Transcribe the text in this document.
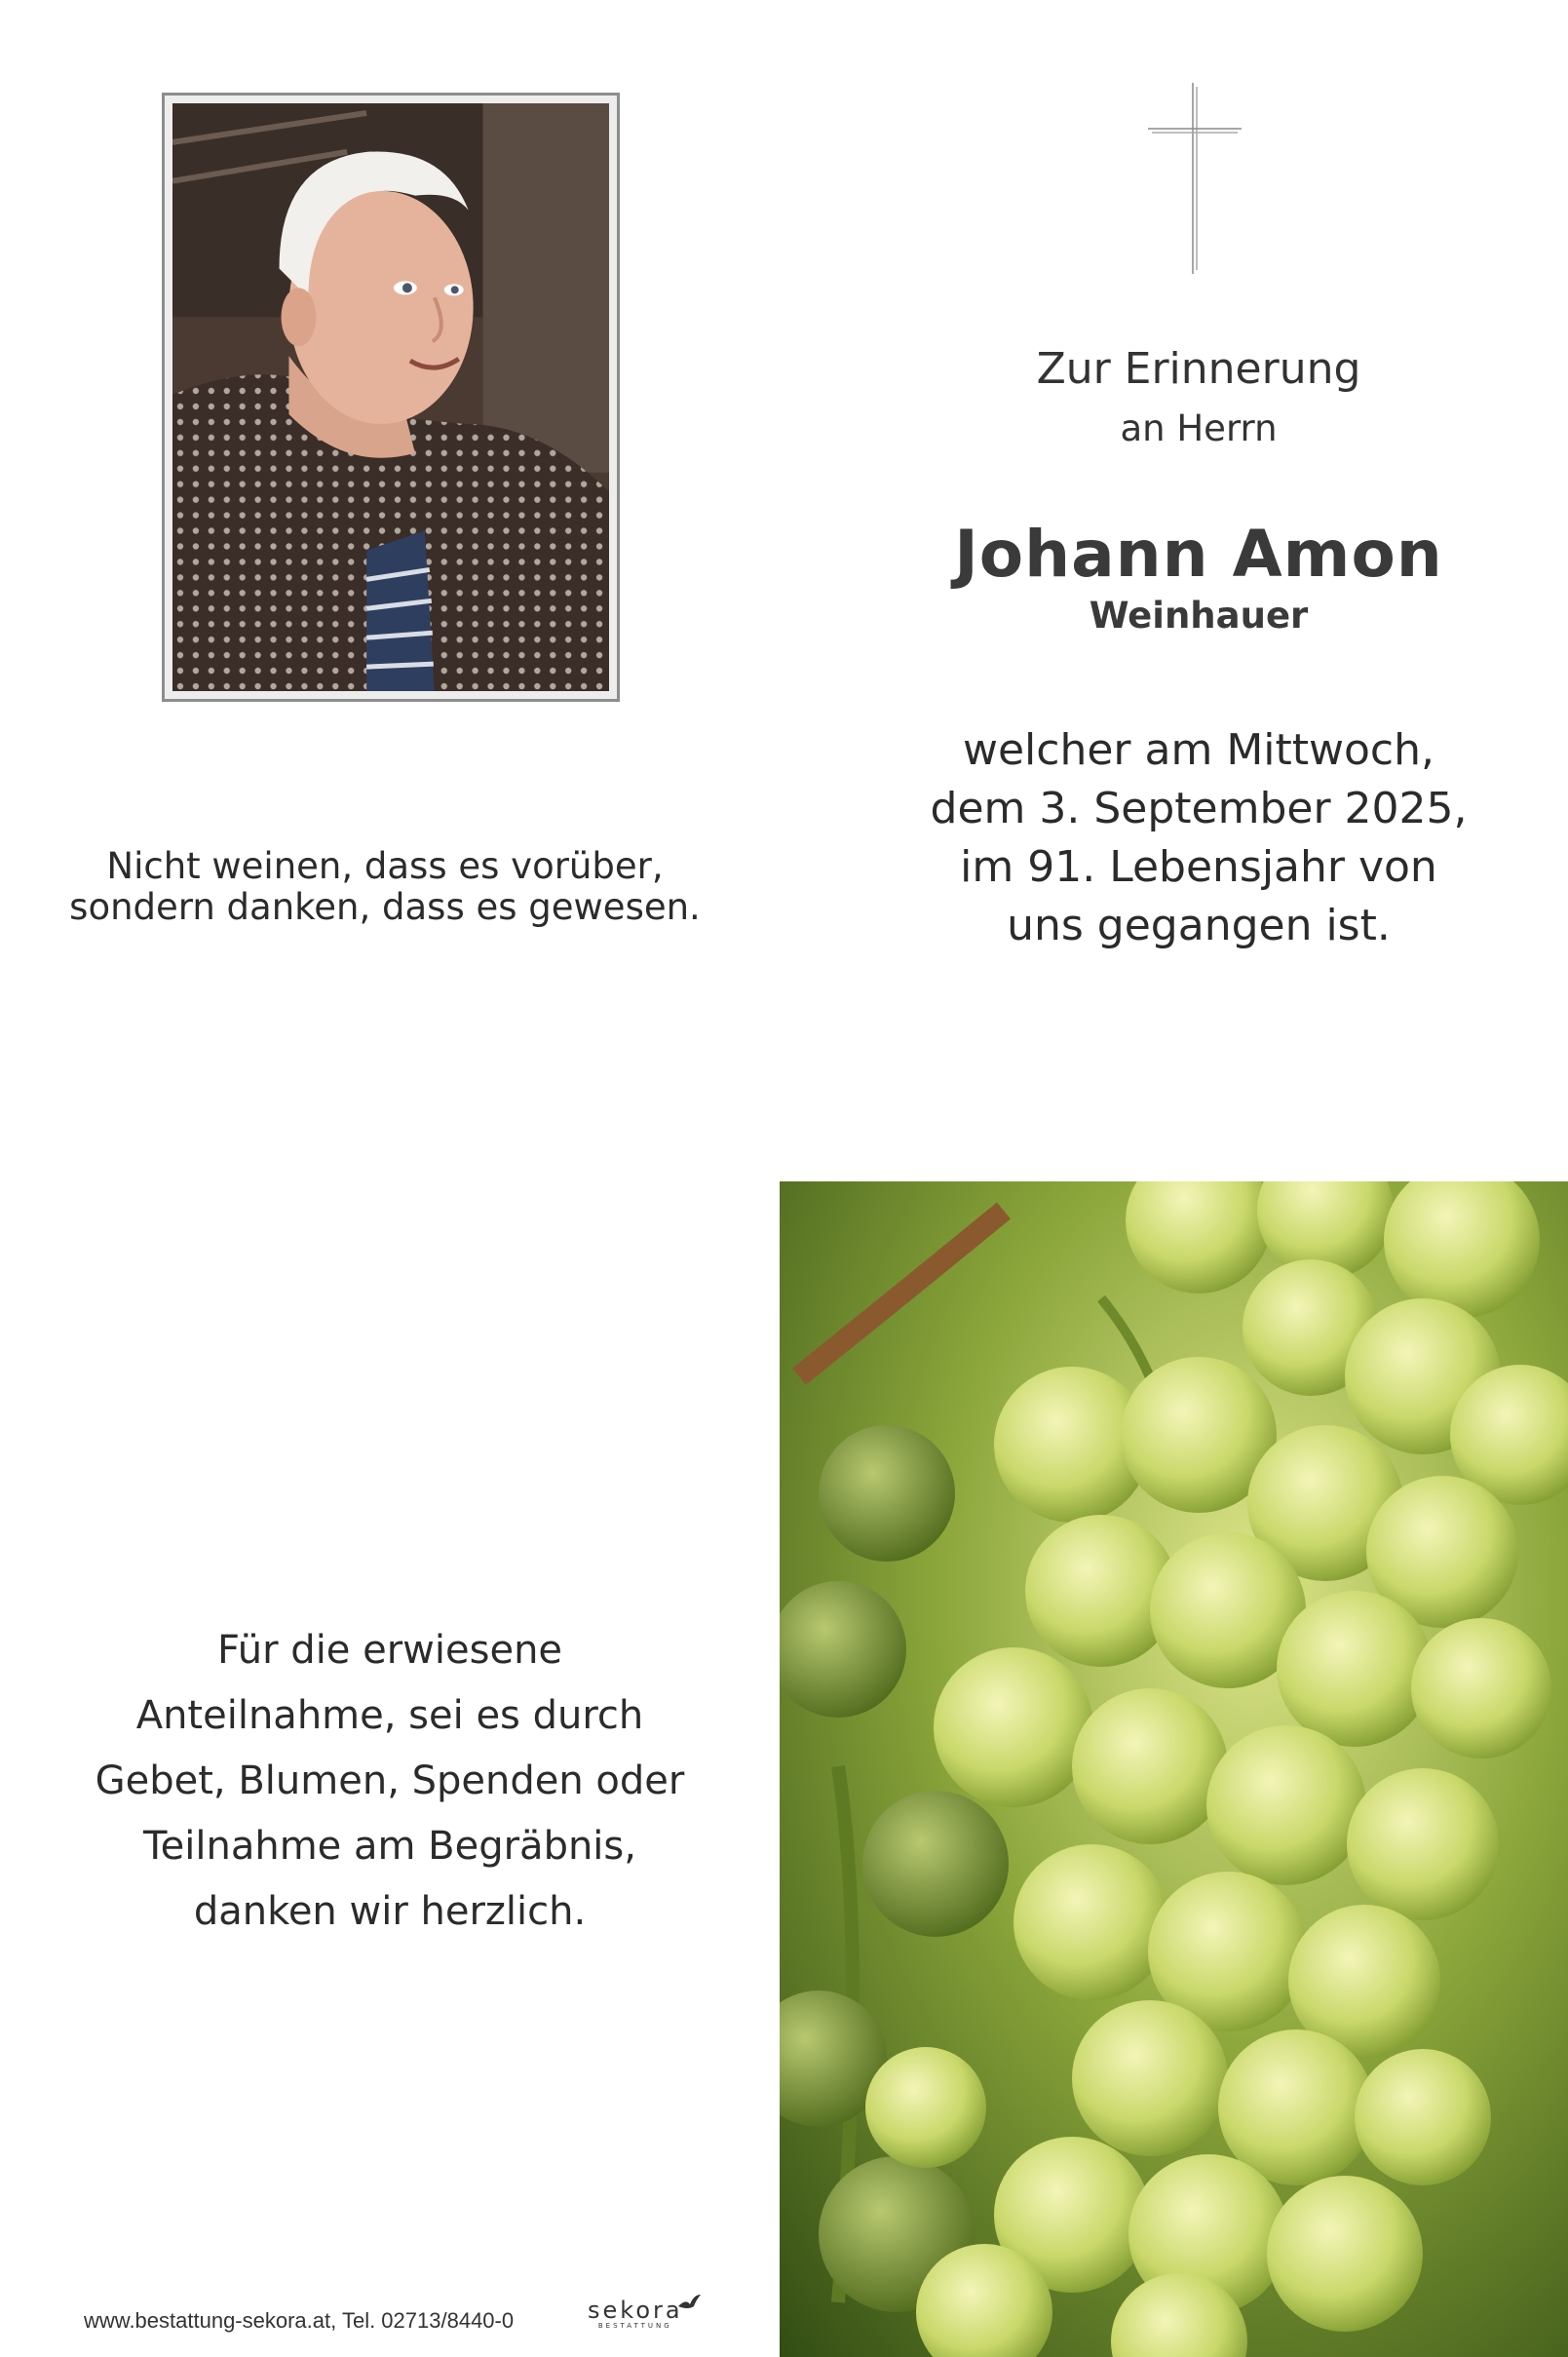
Zur Erinnerung
an Herrn
Johann Amon
Weinhauer
welcher am Mittwoch,
dem 3. September 2025,
im 91. Lebensjahr von
uns gegangen ist.
Nicht weinen, dass es vorüber,
sondern danken, dass es gewesen.
Für die erwiesene
Anteilnahme, sei es durch
Gebet, Blumen, Spenden oder
Teilnahme am Begräbnis,
danken wir herzlich.
www.bestattung-sekora.at, Tel. 02713/8440-0	sekora
BESTATTUNG
